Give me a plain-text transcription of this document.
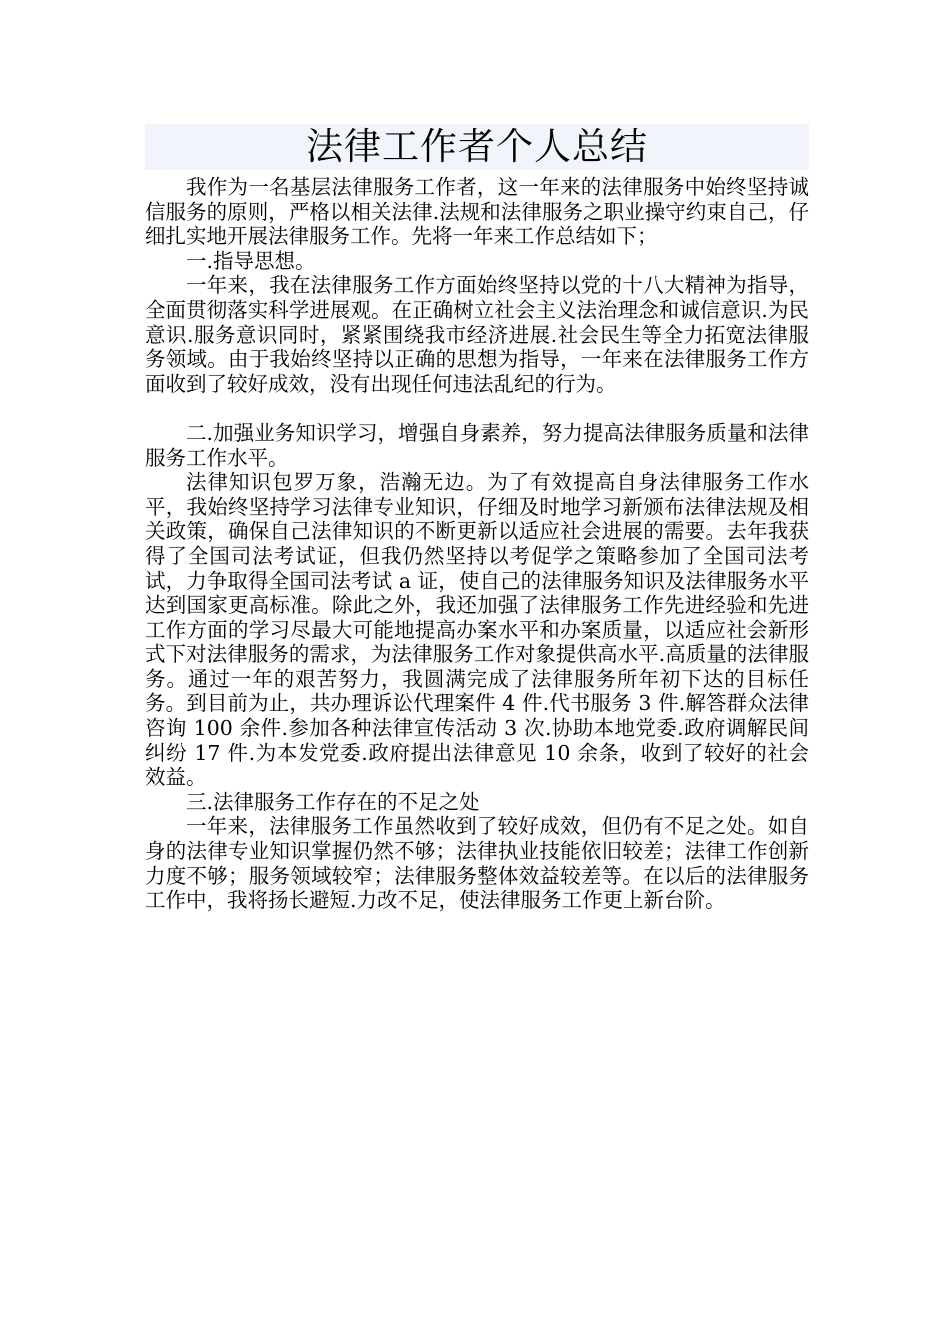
法律工作者个人总结

我作为一名基层法律服务工作者，这一年来的法律服务中始终坚持诚信服务的原则，严格以相关法律.法规和法律服务之职业操守约束自己，仔细扎实地开展法律服务工作。先将一年来工作总结如下；

一.指导思想。

一年来，我在法律服务工作方面始终坚持以党的十八大精神为指导，全面贯彻落实科学进展观。在正确树立社会主义法治理念和诚信意识.为民意识.服务意识同时，紧紧围绕我市经济进展.社会民生等全力拓宽法律服务领域。由于我始终坚持以正确的思想为指导，一年来在法律服务工作方面收到了较好成效，没有出现任何违法乱纪的行为。

二.加强业务知识学习，增强自身素养，努力提高法律服务质量和法律服务工作水平。

法律知识包罗万象，浩瀚无边。为了有效提高自身法律服务工作水平，我始终坚持学习法律专业知识，仔细及时地学习新颁布法律法规及相关政策，确保自己法律知识的不断更新以适应社会进展的需要。去年我获得了全国司法考试证，但我仍然坚持以考促学之策略参加了全国司法考试，力争取得全国司法考试 a 证，使自己的法律服务知识及法律服务水平达到国家更高标准。除此之外，我还加强了法律服务工作先进经验和先进工作方面的学习尽最大可能地提高办案水平和办案质量，以适应社会新形式下对法律服务的需求，为法律服务工作对象提供高水平.高质量的法律服务。通过一年的艰苦努力，我圆满完成了法律服务所年初下达的目标任务。到目前为止，共办理诉讼代理案件 4 件.代书服务 3 件.解答群众法律咨询 100 余件.参加各种法律宣传活动 3 次.协助本地党委.政府调解民间纠纷 17 件.为本发党委.政府提出法律意见 10 余条，收到了较好的社会效益。

三.法律服务工作存在的不足之处

一年来，法律服务工作虽然收到了较好成效，但仍有不足之处。如自身的法律专业知识掌握仍然不够；法律执业技能依旧较差；法律工作创新力度不够；服务领域较窄；法律服务整体效益较差等。在以后的法律服务工作中，我将扬长避短.力改不足，使法律服务工作更上新台阶。
